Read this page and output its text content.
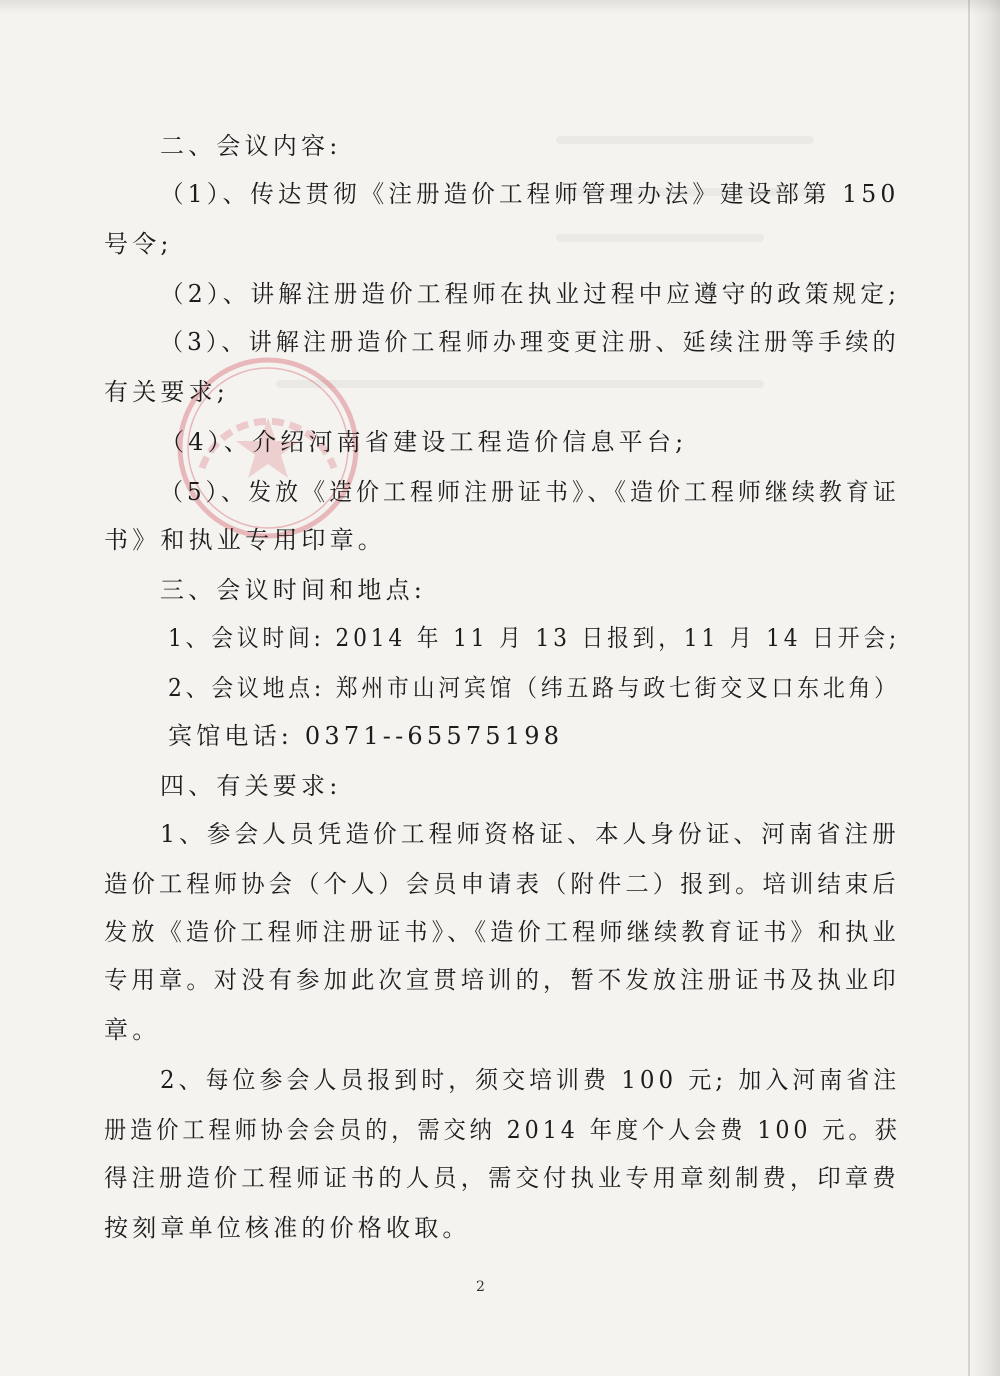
二、会议内容:
（1）、传达贯彻《注册造价工程师管理办法》建设部第 150
号令;
（2）、讲解注册造价工程师在执业过程中应遵守的政策规定;
（3）、讲解注册造价工程师办理变更注册、延续注册等手续的
有关要求;
（4）、介绍河南省建设工程造价信息平台;
（5）、发放《造价工程师注册证书》、《造价工程师继续教育证
书》和执业专用印章。
三、会议时间和地点:
1、会议时间: 2014 年 11 月 13 日报到，11 月 14 日开会;
2、会议地点: 郑州市山河宾馆（纬五路与政七街交叉口东北角）
宾馆电话: 0371--65575198
四、有关要求:
1、参会人员凭造价工程师资格证、本人身份证、河南省注册
造价工程师协会（个人）会员申请表（附件二）报到。培训结束后
发放《造价工程师注册证书》、《造价工程师继续教育证书》和执业
专用章。对没有参加此次宣贯培训的，暂不发放注册证书及执业印
章。
2、每位参会人员报到时，须交培训费 100 元; 加入河南省注
册造价工程师协会会员的，需交纳 2014 年度个人会费 100 元。获
得注册造价工程师证书的人员，需交付执业专用章刻制费，印章费
按刻章单位核准的价格收取。
2
